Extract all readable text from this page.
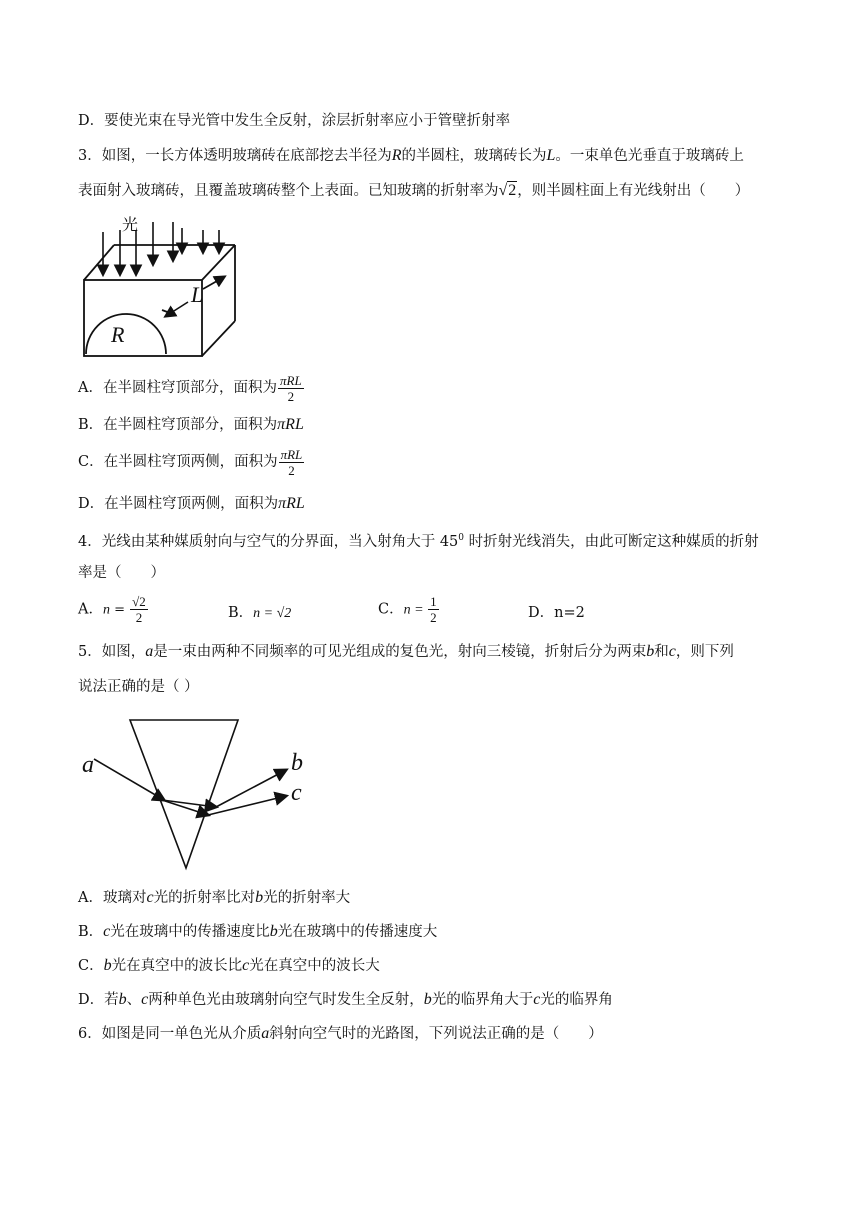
D．要使光束在导光管中发生全反射，涂层折射率应小于管壁折射率
3．如图，一长方体透明玻璃砖在底部挖去半径为R的半圆柱，玻璃砖长为L。一束单色光垂直于玻璃砖上
表面射入玻璃砖，且覆盖玻璃砖整个上表面。已知玻璃的折射率为√2，则半圆柱面上有光线射出（　　）
光
L
R
A．在半圆柱穹顶部分，面积为 $\frac{\text{πRL}}{2}$
B．在半圆柱穹顶部分，面积为πRL
C．在半圆柱穹顶两侧，面积为 $\frac{\text{πRL}}{2}$
D．在半圆柱穹顶两侧，面积为πRL
4．光线由某种媒质射向与空气的分界面，当入射角大于 $45^0$ 时折射光线消失，由此可断定这种媒质的折射
率是（　　）
A．$n = \frac{√2}{2}$	B．n = √2	C．$n = \frac{1}{2}$	D．n=2
5．如图，a是一束由两种不同频率的可见光组成的复色光，射向三棱镜，折射后分为两束b和c，则下列
说法正确的是（ ）
a	b
c
A．玻璃对c光的折射率比对b光的折射率大
B．c光在玻璃中的传播速度比b光在玻璃中的传播速度大
C．b光在真空中的波长比c光在真空中的波长大
D．若b、c两种单色光由玻璃射向空气时发生全反射，b光的临界角大于c光的临界角
6．如图是同一单色光从介质a斜射向空气时的光路图，下列说法正确的是（　　）
